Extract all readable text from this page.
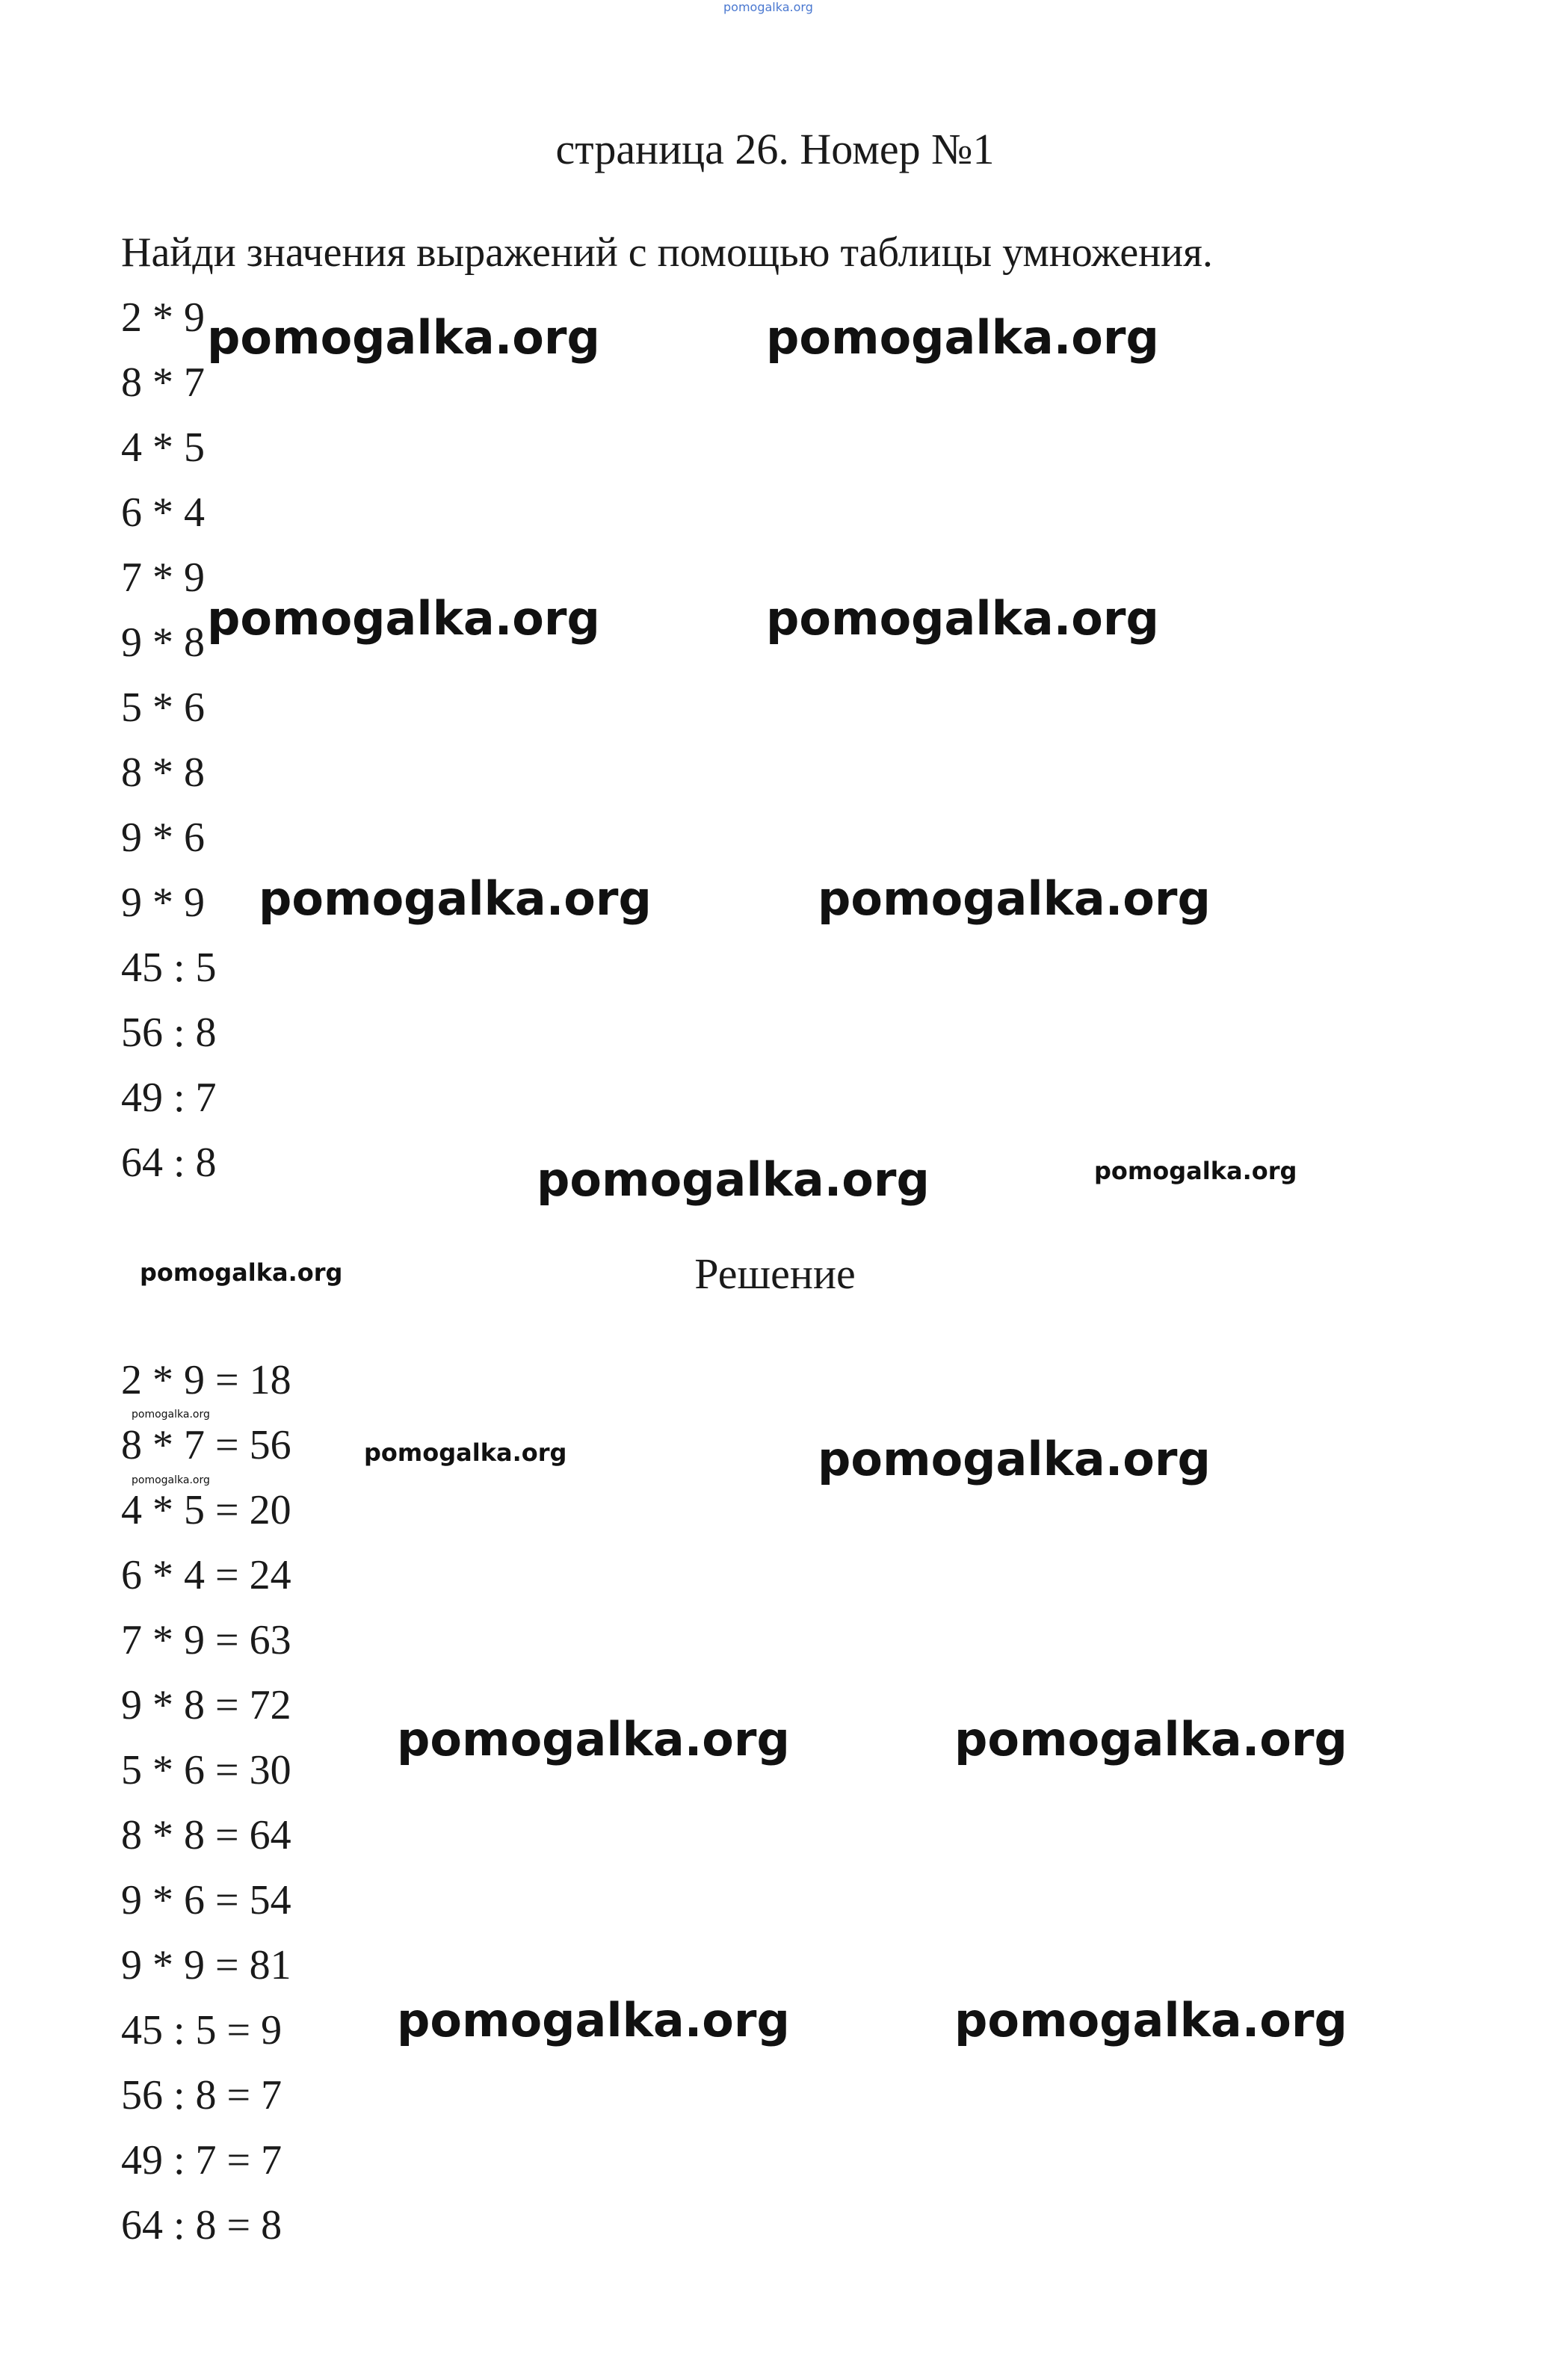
pomogalka.org
страница 26. Номер №1

Найди значения выражений с помощью таблицы умножения.

2 * 9
8 * 7
4 * 5
6 * 4
7 * 9
9 * 8
5 * 6
8 * 8
9 * 6
9 * 9
45 : 5
56 : 8
49 : 7
64 : 8
Решение
2 * 9 = 18
8 * 7 = 56
4 * 5 = 20
6 * 4 = 24
7 * 9 = 63
9 * 8 = 72
5 * 6 = 30
8 * 8 = 64
9 * 6 = 54
9 * 9 = 81
45 : 5 = 9
56 : 8 = 7
49 : 7 = 7
64 : 8 = 8
pomogalka.org	pomogalka.org
pomogalka.org	pomogalka.org
pomogalka.org	pomogalka.org
pomogalka.org	pomogalka.org
pomogalka.org
pomogalka.org
pomogalka.org
pomogalka.org	pomogalka.org
pomogalka.org	pomogalka.org
pomogalka.org	pomogalka.org
